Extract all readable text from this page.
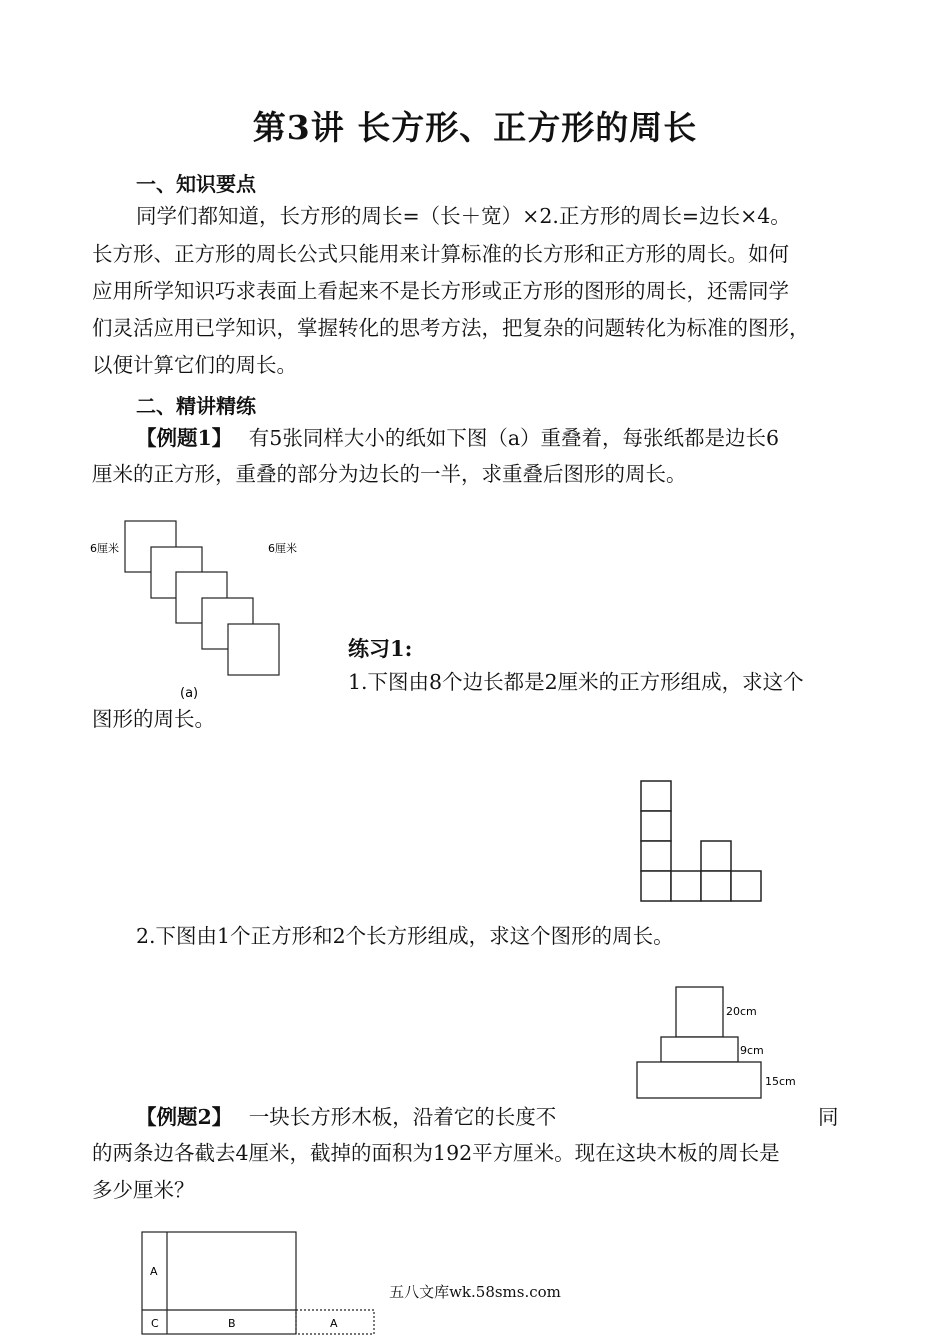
第3讲 长方形、正方形的周长
一、知识要点
同学们都知道，长方形的周长=（长＋宽）×2.正方形的周长=边长×4。
长方形、正方形的周长公式只能用来计算标准的长方形和正方形的周长。如何
应用所学知识巧求表面上看起来不是长方形或正方形的图形的周长，还需同学
们灵活应用已学知识，掌握转化的思考方法，把复杂的问题转化为标准的图形，
以便计算它们的周长。
二、精讲精练
【例题1】 有5张同样大小的纸如下图（a）重叠着，每张纸都是边长6
厘米的正方形，重叠的部分为边长的一半，求重叠后图形的周长。
6厘米	6厘米
(a)
练习1:
1.下图由8个边长都是2厘米的正方形组成，求这个
图形的周长。
2.下图由1个正方形和2个长方形组成，求这个图形的周长。
20cm
9cm
15cm
【例题2】 一块长方形木板，沿着它的长度不	同
的两条边各截去4厘米，截掉的面积为192平方厘米。现在这块木板的周长是
多少厘米？
A
C	B	A
五八文库wk.58sms.com
